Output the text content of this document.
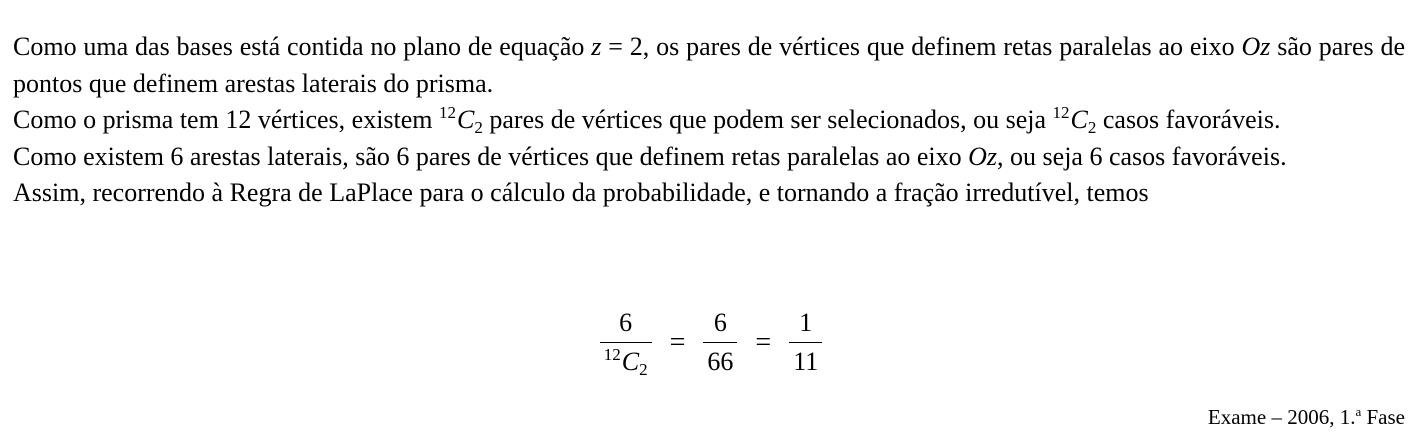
Como uma das bases está contida no plano de equação z = 2, os pares de vértices que definem retas paralelas ao eixo Oz são pares de pontos que definem arestas laterais do prisma.

Como o prisma tem 12 vértices, existem $^{12}C_2$ pares de vértices que podem ser selecionados, ou seja $^{12}C_2$ casos favoráveis.

Como existem 6 arestas laterais, são 6 pares de vértices que definem retas paralelas ao eixo Oz, ou seja 6 casos favoráveis.

Assim, recorrendo à Regra de LaPlace para o cálculo da probabilidade, e tornando a fração irredutível, temos

$\frac{6}{^{12}C_2} = \frac{6}{66} = \frac{1}{11}$
Exame – 2006, 1.$^a$ Fase
